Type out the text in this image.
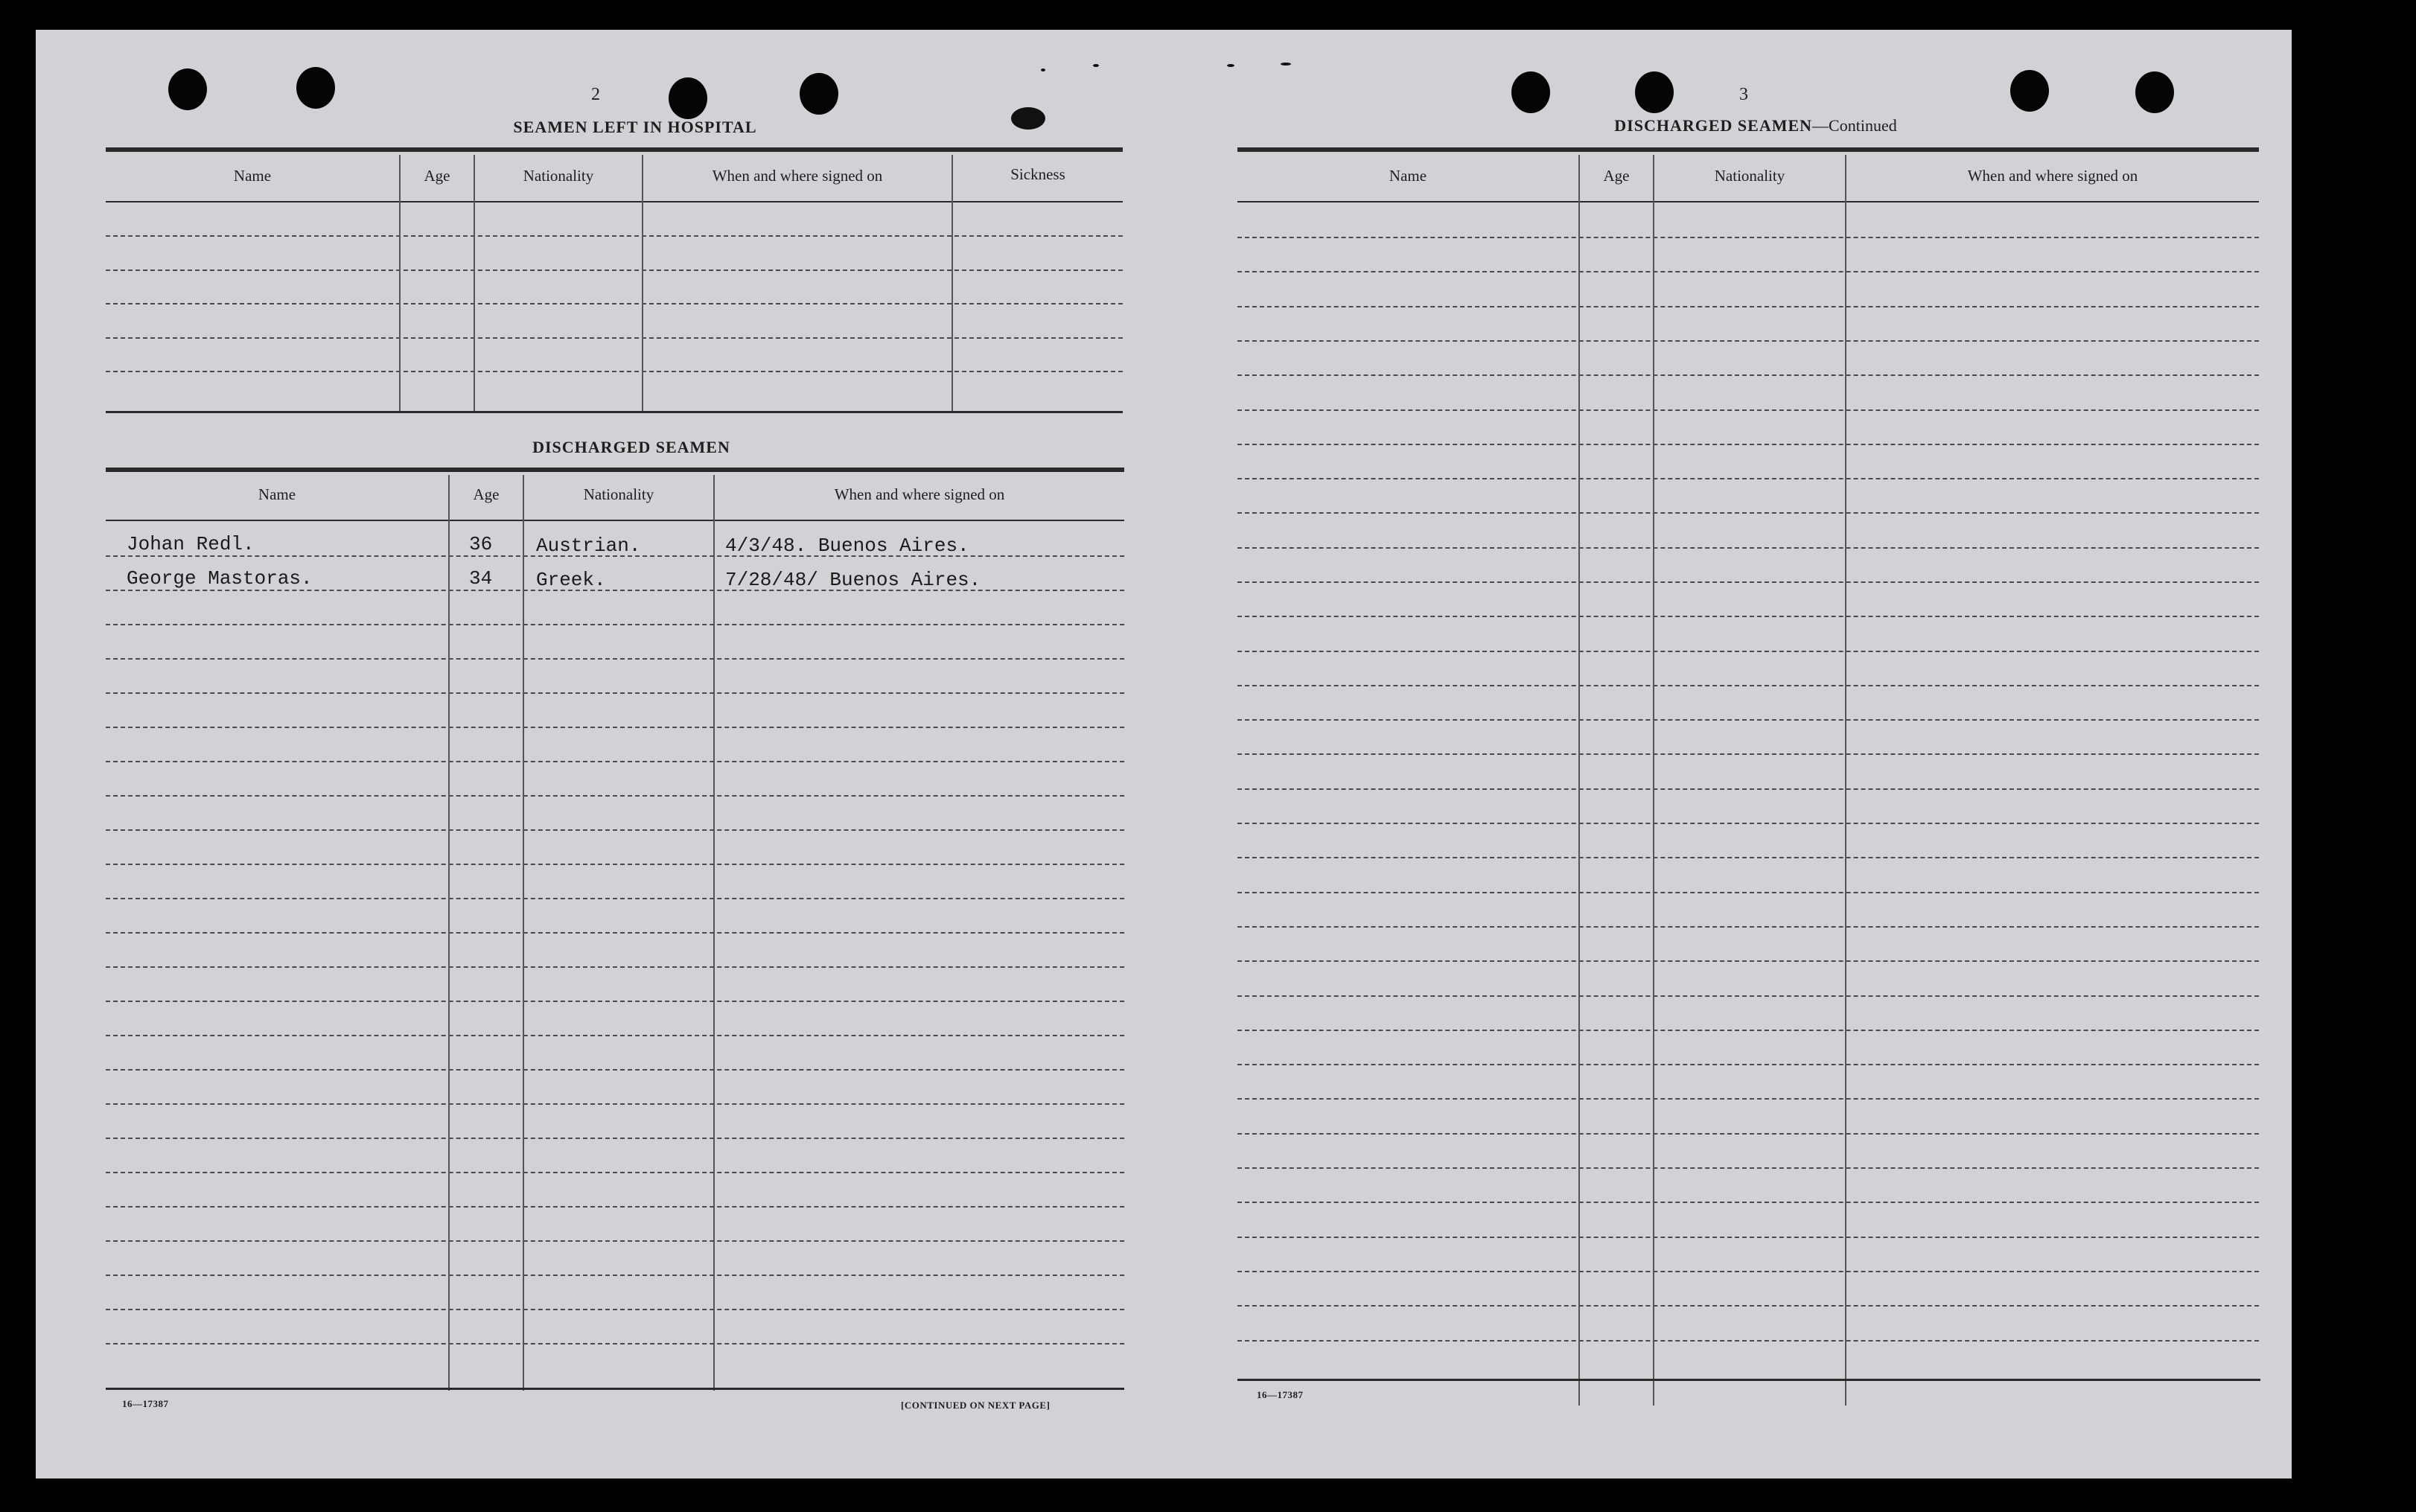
2
SEAMEN LEFT IN HOSPITAL
Name	Age	Nationality	When and where signed on	Sickness
DISCHARGED SEAMEN
Name	Age	Nationality	When and where signed on
Johan Redl.	36 Austrian.	4/3/48. Buenos Aires.
George Mastoras.	34 Greek.	7/28/48/ Buenos Aires.
16—17387	[CONTINUED ON NEXT PAGE]
3
DISCHARGED SEAMEN—Continued
Name	Age	Nationality	When and where signed on
16—17387
